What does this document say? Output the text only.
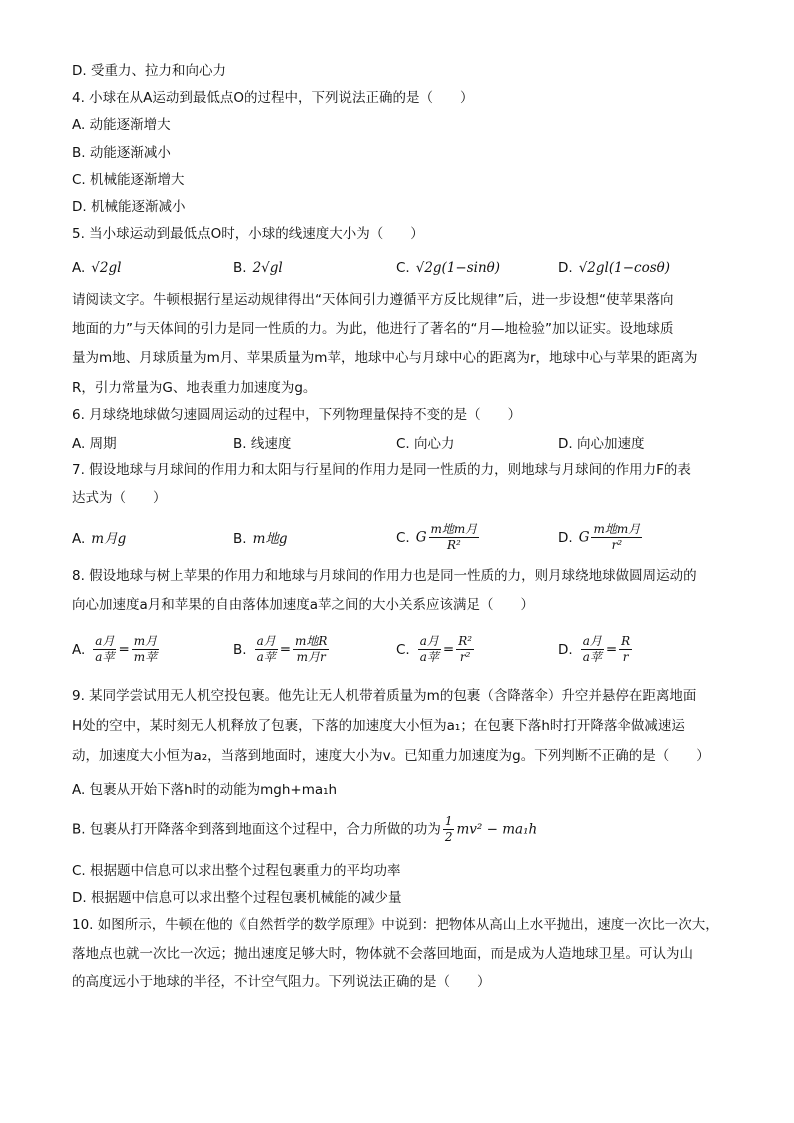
D. 受重力、拉力和向心力
4. 小球在从A运动到最低点O的过程中，下列说法正确的是（　　）
A. 动能逐渐增大
B. 动能逐渐减小
C. 机械能逐渐增大
D. 机械能逐渐减小
5. 当小球运动到最低点O时，小球的线速度大小为（　　）
A. √2gl	B. 2√gl	C. √2g(1−sinθ)	D. √2gl(1−cosθ)
请阅读文字。牛顿根据行星运动规律得出“天体间引力遵循平方反比规律”后，进一步设想“使苹果落向
地面的力”与天体间的引力是同一性质的力。为此，他进行了著名的“月—地检验”加以证实。设地球质
量为m地、月球质量为m月、苹果质量为m苹，地球中心与月球中心的距离为r，地球中心与苹果的距离为
R，引力常量为G、地表重力加速度为g。
6. 月球绕地球做匀速圆周运动的过程中，下列物理量保持不变的是（　　）
A. 周期	B. 线速度	C. 向心力	D. 向心加速度
7. 假设地球与月球间的作用力和太阳与行星间的作用力是同一性质的力，则地球与月球间的作用力F的表
达式为（　　）
A. m月g	B. m地g	C. G $\frac{\text{m地m月}}{\text{R²}}$	D. G $\frac{\text{m地m月}}{\text{r²}}$
8. 假设地球与树上苹果的作用力和地球与月球间的作用力也是同一性质的力，则月球绕地球做圆周运动的
向心加速度a月和苹果的自由落体加速度a苹之间的大小关系应该满足（　　）
A. $\frac{\text{a月}}{\text{a苹}} = \frac{\text{m月}}{\text{m苹}}$	B. $\frac{\text{a月}}{\text{a苹}} = \frac{\text{m地R}}{\text{m月r}}$	C. $\frac{\text{a月}}{\text{a苹}} = \frac{\text{R²}}{\text{r²}}$	D. $\frac{\text{a月}}{\text{a苹}} = \frac{R}{r}$
9. 某同学尝试用无人机空投包裹。他先让无人机带着质量为m的包裹（含降落伞）升空并悬停在距离地面
H处的空中，某时刻无人机释放了包裹，下落的加速度大小恒为a₁；在包裹下落h时打开降落伞做减速运
动，加速度大小恒为a₂，当落到地面时，速度大小为v。已知重力加速度为g。下列判断不正确的是（　　）
A. 包裹从开始下落h时的动能为mgh+ma₁h
B. 包裹从打开降落伞到落到地面这个过程中，合力所做的功为 $\frac{1}{2} mv^2 - ma_1h$
C. 根据题中信息可以求出整个过程包裹重力的平均功率
D. 根据题中信息可以求出整个过程包裹机械能的减少量
10. 如图所示，牛顿在他的《自然哲学的数学原理》中说到：把物体从高山上水平抛出，速度一次比一次大，
落地点也就一次比一次远；抛出速度足够大时，物体就不会落回地面，而是成为人造地球卫星。可认为山
的高度远小于地球的半径，不计空气阻力。下列说法正确的是（　　）
